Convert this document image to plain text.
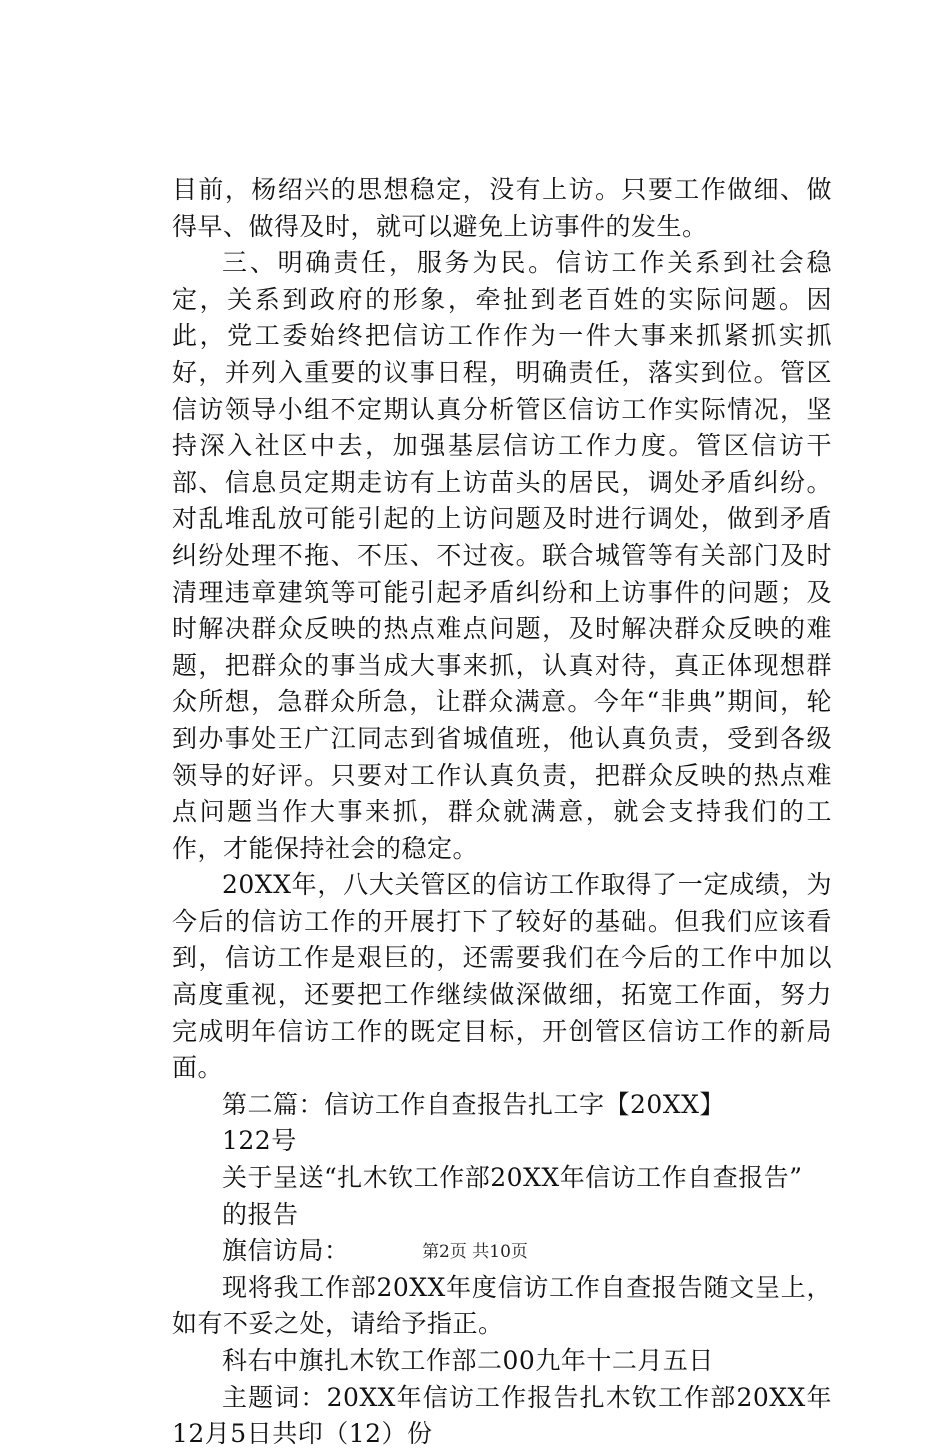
目前，杨绍兴的思想稳定，没有上访。只要工作做细、做得早、做得及时，就可以避免上访事件的发生。

三、明确责任，服务为民。信访工作关系到社会稳定，关系到政府的形象，牵扯到老百姓的实际问题。因此，党工委始终把信访工作作为一件大事来抓紧抓实抓好，并列入重要的议事日程，明确责任，落实到位。管区信访领导小组不定期认真分析管区信访工作实际情况，坚持深入社区中去，加强基层信访工作力度。管区信访干部、信息员定期走访有上访苗头的居民，调处矛盾纠纷。对乱堆乱放可能引起的上访问题及时进行调处，做到矛盾纠纷处理不拖、不压、不过夜。联合城管等有关部门及时清理违章建筑等可能引起矛盾纠纷和上访事件的问题；及时解决群众反映的热点难点问题，及时解决群众反映的难题，把群众的事当成大事来抓，认真对待，真正体现想群众所想，急群众所急，让群众满意。今年“非典”期间，轮到办事处王广江同志到省城值班，他认真负责，受到各级领导的好评。只要对工作认真负责，把群众反映的热点难点问题当作大事来抓，群众就满意，就会支持我们的工作，才能保持社会的稳定。

20XX年，八大关管区的信访工作取得了一定成绩，为今后的信访工作的开展打下了较好的基础。但我们应该看到，信访工作是艰巨的，还需要我们在今后的工作中加以高度重视，还要把工作继续做深做细，拓宽工作面，努力完成明年信访工作的既定目标，开创管区信访工作的新局面。

第二篇：信访工作自查报告扎工字【20XX】

122号

关于呈送“扎木钦工作部20XX年信访工作自查报告”

的报告

旗信访局：

现将我工作部20XX年度信访工作自查报告随文呈上，如有不妥之处，请给予指正。

科右中旗扎木钦工作部二00九年十二月五日

主题词：20XX年信访工作报告扎木钦工作部20XX年12月5日共印（12）份

第2页 共10页
